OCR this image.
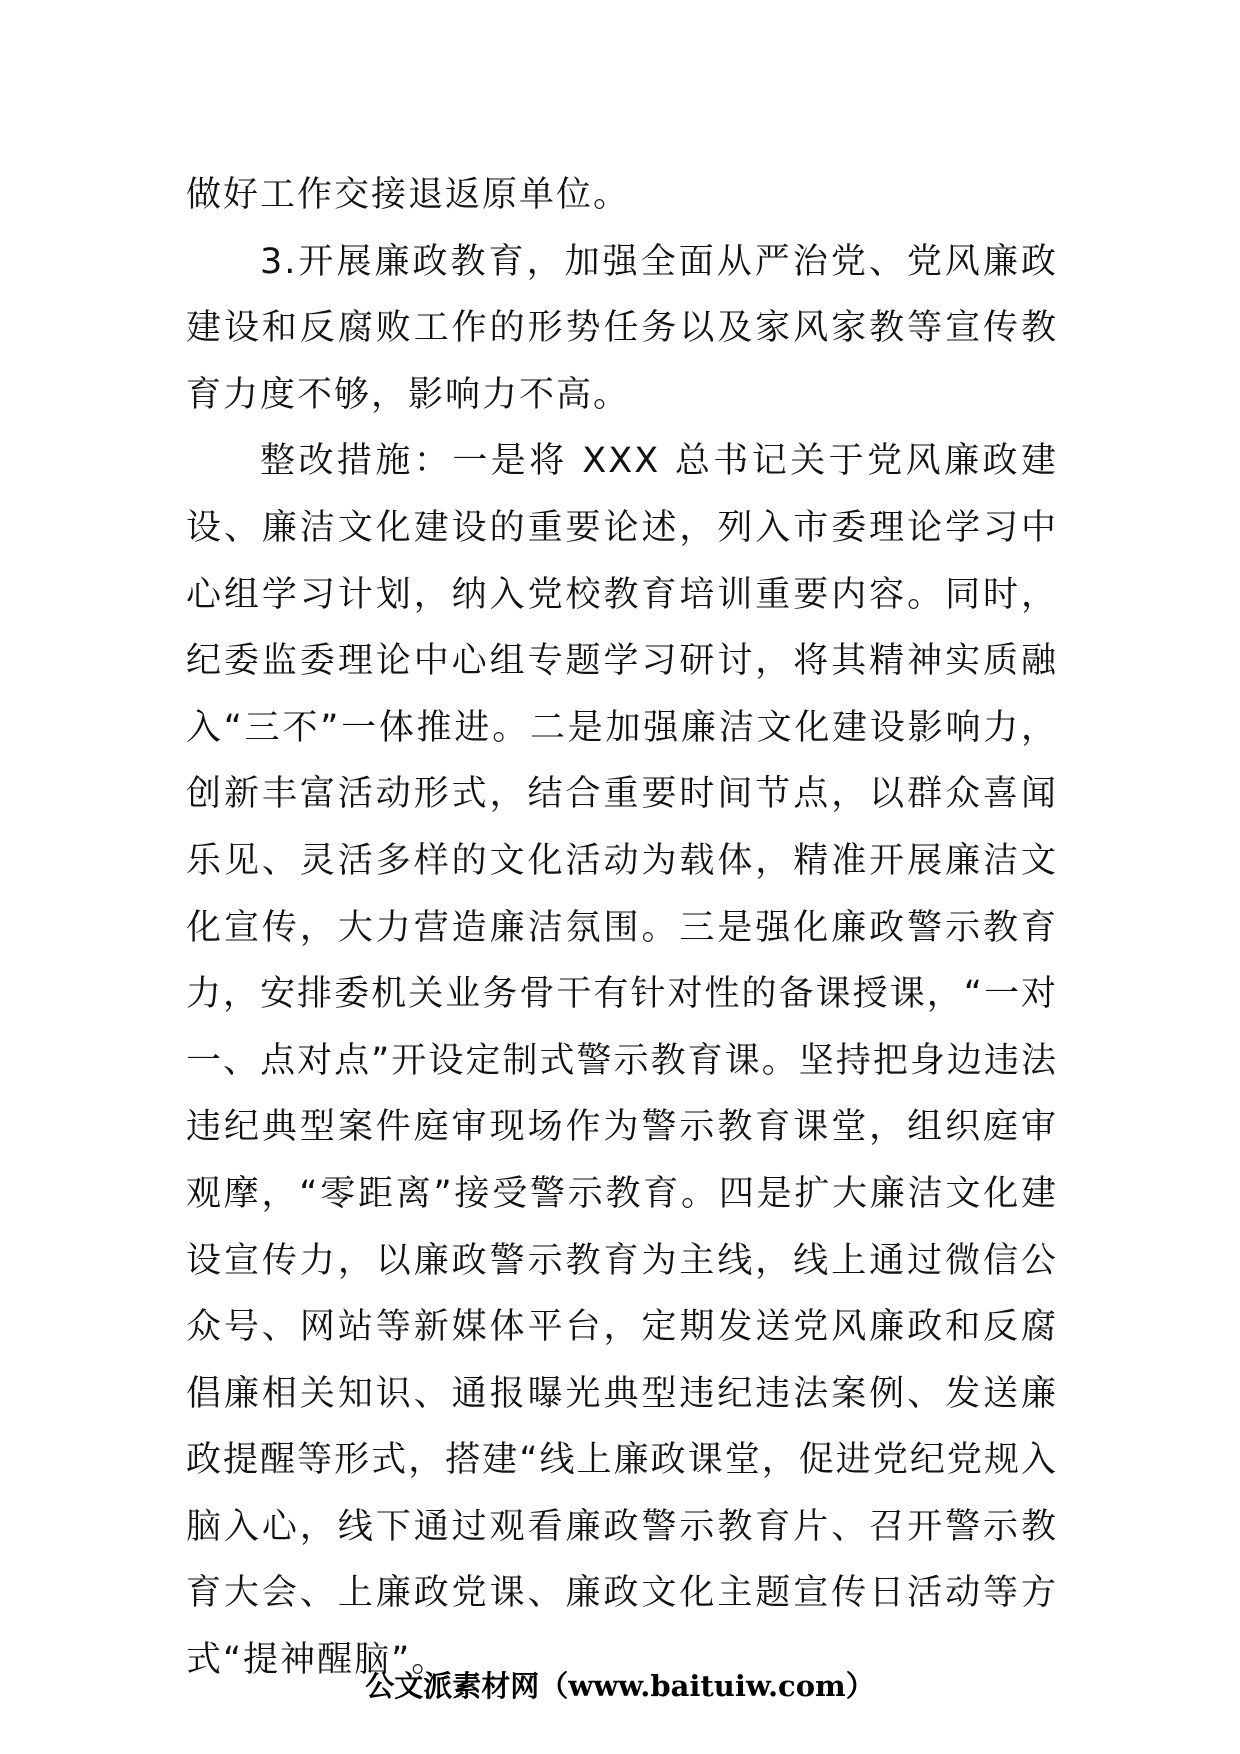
做好工作交接退返原单位。

3.开展廉政教育，加强全面从严治党、党风廉政建设和反腐败工作的形势任务以及家风家教等宣传教育力度不够，影响力不高。

整改措施：一是将 XXX 总书记关于党风廉政建设、廉洁文化建设的重要论述，列入市委理论学习中心组学习计划，纳入党校教育培训重要内容。同时，纪委监委理论中心组专题学习研讨，将其精神实质融入“三不”一体推进。二是加强廉洁文化建设影响力，创新丰富活动形式，结合重要时间节点，以群众喜闻乐见、灵活多样的文化活动为载体，精准开展廉洁文化宣传，大力营造廉洁氛围。三是强化廉政警示教育力，安排委机关业务骨干有针对性的备课授课，“一对一、点对点”开设定制式警示教育课。坚持把身边违法违纪典型案件庭审现场作为警示教育课堂，组织庭审观摩，“零距离”接受警示教育。四是扩大廉洁文化建设宣传力，以廉政警示教育为主线，线上通过微信公众号、网站等新媒体平台，定期发送党风廉政和反腐倡廉相关知识、通报曝光典型违纪违法案例、发送廉政提醒等形式，搭建“线上廉政课堂，促进党纪党规入脑入心，线下通过观看廉政警示教育片、召开警示教育大会、上廉政党课、廉政文化主题宣传日活动等方式“提神醒脑”。

公文派素材网（www.baituiw.com）
